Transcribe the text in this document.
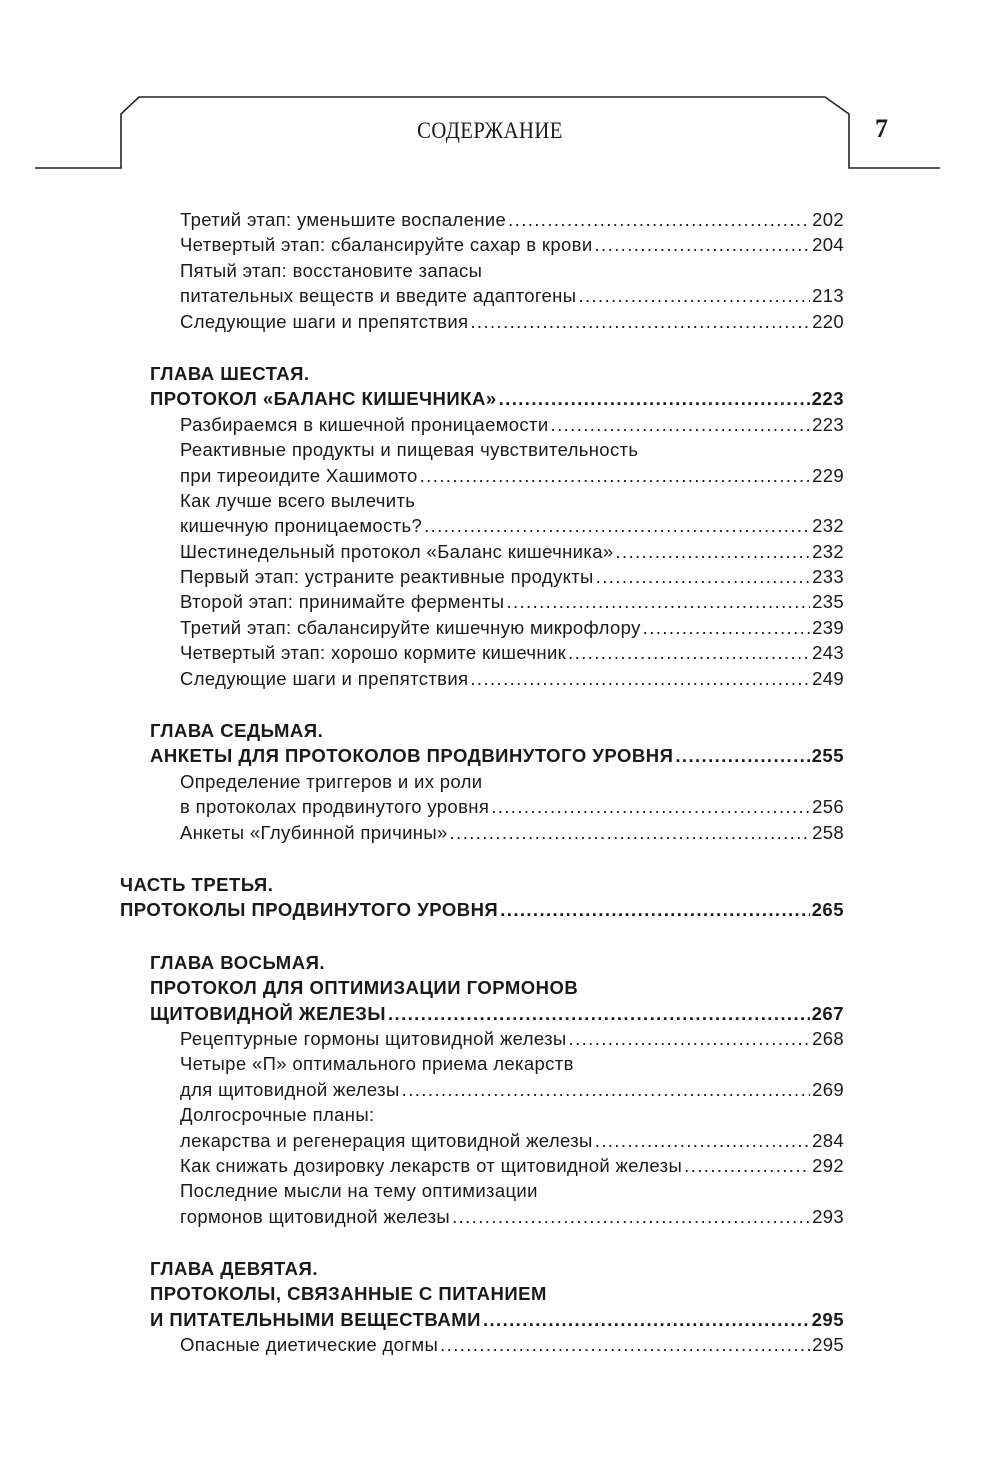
СОДЕРЖАНИЕ	7
Третий этап: уменьшите воспаление .....	202
Четвертый этап: сбалансируйте сахар в крови .....	204
Пятый этап: восстановите запасы
питательных веществ и введите адаптогены .....	213
Следующие шаги и препятствия .....	220
ГЛАВА ШЕСТАЯ.
ПРОТОКОЛ «БАЛАНС КИШЕЧНИКА» .....	223
Разбираемся в кишечной проницаемости .....	223
Реактивные продукты и пищевая чувствительность
при тиреоидите Хашимото .....	229
Как лучше всего вылечить
кишечную проницаемость? .....	232
Шестинедельный протокол «Баланс кишечника» .....	232
Первый этап: устраните реактивные продукты .....	233
Второй этап: принимайте ферменты .....	235
Третий этап: сбалансируйте кишечную микрофлору .....	239
Четвертый этап: хорошо кормите кишечник .....	243
Следующие шаги и препятствия .....	249
ГЛАВА СЕДЬМАЯ.
АНКЕТЫ ДЛЯ ПРОТОКОЛОВ ПРОДВИНУТОГО УРОВНЯ .....	255
Определение триггеров и их роли
в протоколах продвинутого уровня .....	256
Анкеты «Глубинной причины» .....	258
ЧАСТЬ ТРЕТЬЯ.
ПРОТОКОЛЫ ПРОДВИНУТОГО УРОВНЯ .....	265
ГЛАВА ВОСЬМАЯ.
ПРОТОКОЛ ДЛЯ ОПТИМИЗАЦИИ ГОРМОНОВ
ЩИТОВИДНОЙ ЖЕЛЕЗЫ .....	267
Рецептурные гормоны щитовидной железы .....	268
Четыре «П» оптимального приема лекарств
для щитовидной железы .....	269
Долгосрочные планы:
лекарства и регенерация щитовидной железы .....	284
Как снижать дозировку лекарств от щитовидной железы .....	292
Последние мысли на тему оптимизации
гормонов щитовидной железы .....	293
ГЛАВА ДЕВЯТАЯ.
ПРОТОКОЛЫ, СВЯЗАННЫЕ С ПИТАНИЕМ
И ПИТАТЕЛЬНЫМИ ВЕЩЕСТВАМИ .....	295
Опасные диетические догмы .....	295
